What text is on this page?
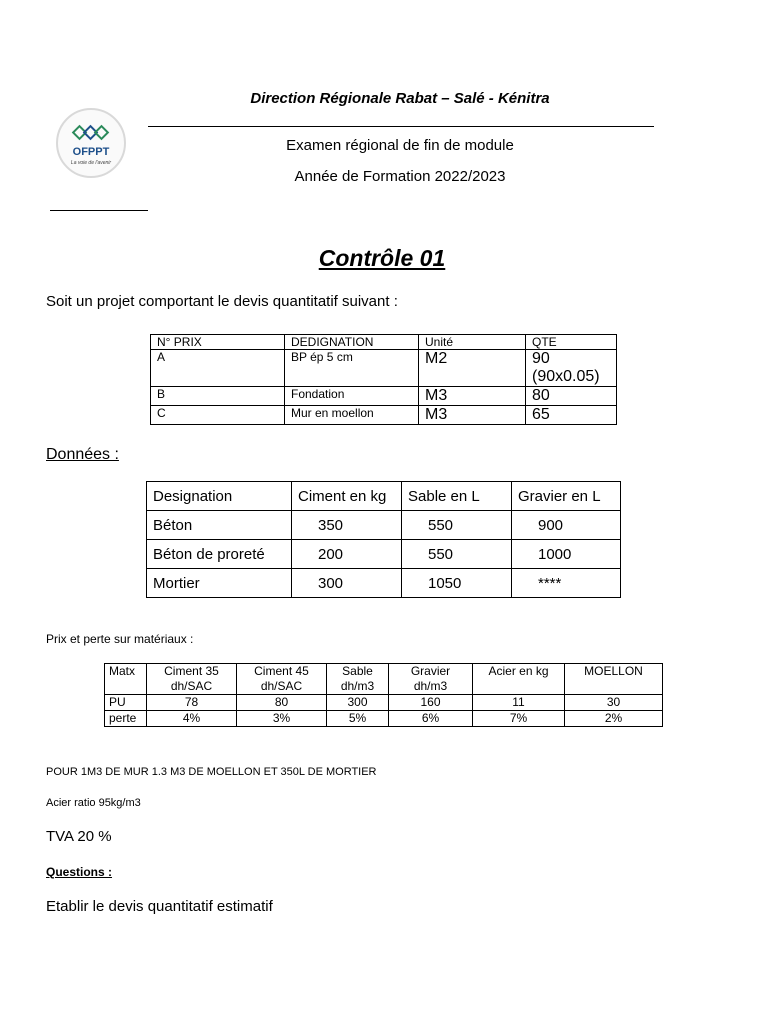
OFPPT
La voie de l'avenir
Direction Régionale Rabat – Salé - Kénitra
Examen régional de fin de module
Année de Formation 2022/2023
Contrôle 01
Soit un projet comportant le devis quantitatif suivant :
N° PRIX	DEDIGNATION	Unité	QTE
A	BP ép 5 cm	M2	90 (90x0.05)
B	Fondation	M3	80
C	Mur en moellon	M3	65
Données :
Designation	Ciment en kg	Sable en L	Gravier en L
Béton	350	550	900
Béton de proreté	200	550	1000
Mortier	300	1050	****
Prix et perte sur matériaux :
Matx	Ciment 35 dh/SAC	Ciment 45 dh/SAC	Sable dh/m3	Gravier dh/m3	Acier en kg	MOELLON
PU	78	80	300	160	11	30
perte	4%	3%	5%	6%	7%	2%
POUR 1M3 DE MUR 1.3 M3 DE MOELLON ET 350L DE MORTIER
Acier ratio 95kg/m3
TVA 20 %
Questions :
Etablir le devis quantitatif estimatif
